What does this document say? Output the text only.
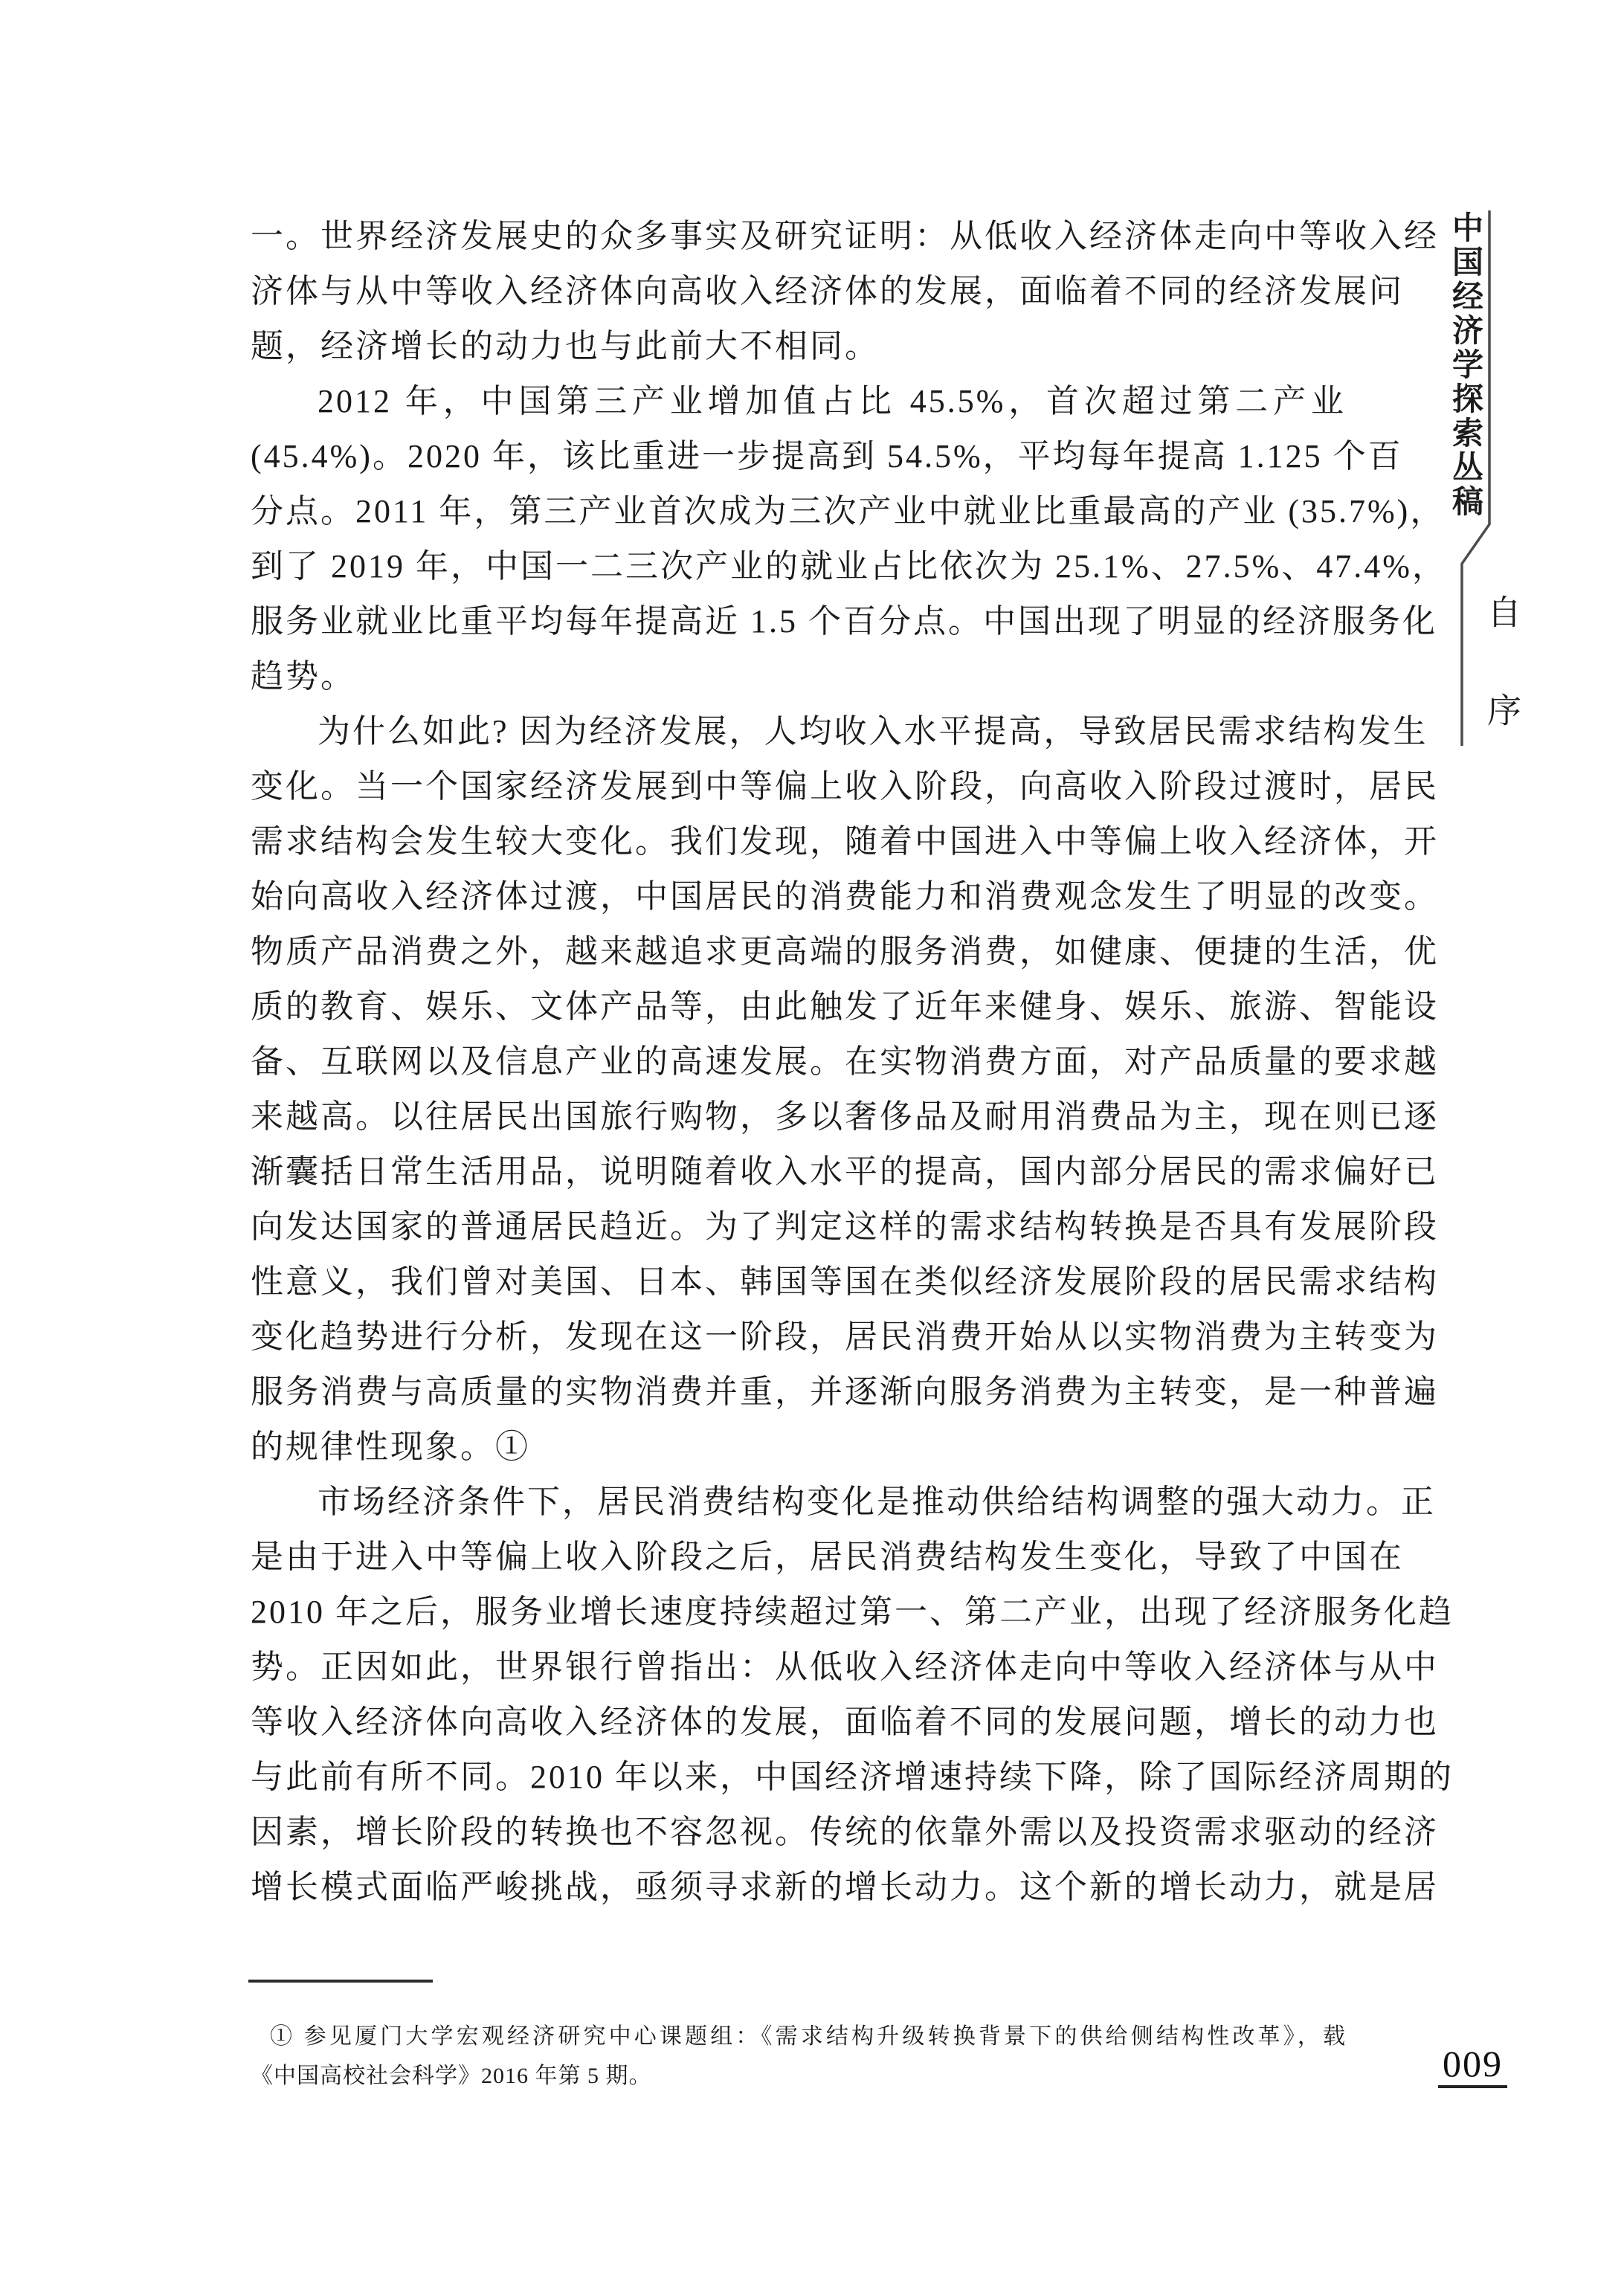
一。世界经济发展史的众多事实及研究证明：从低收入经济体走向中等收入经
济体与从中等收入经济体向高收入经济体的发展，面临着不同的经济发展问
题，经济增长的动力也与此前大不相同。
2012 年，中国第三产业增加值占比 45.5%，首次超过第二产业
(45.4%)。2020 年，该比重进一步提高到 54.5%，平均每年提高 1.125 个百
分点。2011 年，第三产业首次成为三次产业中就业比重最高的产业 (35.7%)，
到了 2019 年，中国一二三次产业的就业占比依次为 25.1%、27.5%、47.4%，
服务业就业比重平均每年提高近 1.5 个百分点。中国出现了明显的经济服务化
趋势。
为什么如此? 因为经济发展，人均收入水平提高，导致居民需求结构发生
变化。当一个国家经济发展到中等偏上收入阶段，向高收入阶段过渡时，居民
需求结构会发生较大变化。我们发现，随着中国进入中等偏上收入经济体，开
始向高收入经济体过渡，中国居民的消费能力和消费观念发生了明显的改变。
物质产品消费之外，越来越追求更高端的服务消费，如健康、便捷的生活，优
质的教育、娱乐、文体产品等，由此触发了近年来健身、娱乐、旅游、智能设
备、互联网以及信息产业的高速发展。在实物消费方面，对产品质量的要求越
来越高。以往居民出国旅行购物，多以奢侈品及耐用消费品为主，现在则已逐
渐囊括日常生活用品，说明随着收入水平的提高，国内部分居民的需求偏好已
向发达国家的普通居民趋近。为了判定这样的需求结构转换是否具有发展阶段
性意义，我们曾对美国、日本、韩国等国在类似经济发展阶段的居民需求结构
变化趋势进行分析，发现在这一阶段，居民消费开始从以实物消费为主转变为
服务消费与高质量的实物消费并重，并逐渐向服务消费为主转变，是一种普遍
的规律性现象。①
市场经济条件下，居民消费结构变化是推动供给结构调整的强大动力。正
是由于进入中等偏上收入阶段之后，居民消费结构发生变化，导致了中国在
2010 年之后，服务业增长速度持续超过第一、第二产业，出现了经济服务化趋
势。正因如此，世界银行曾指出：从低收入经济体走向中等收入经济体与从中
等收入经济体向高收入经济体的发展，面临着不同的发展问题，增长的动力也
与此前有所不同。2010 年以来，中国经济增速持续下降，除了国际经济周期的
因素，增长阶段的转换也不容忽视。传统的依靠外需以及投资需求驱动的经济
增长模式面临严峻挑战，亟须寻求新的增长动力。这个新的增长动力，就是居
① 参见厦门大学宏观经济研究中心课题组：《需求结构升级转换背景下的供给侧结构性改革》，载
《中国高校社会科学》2016 年第 5 期。
中国经济学探索丛稿
自序
009
